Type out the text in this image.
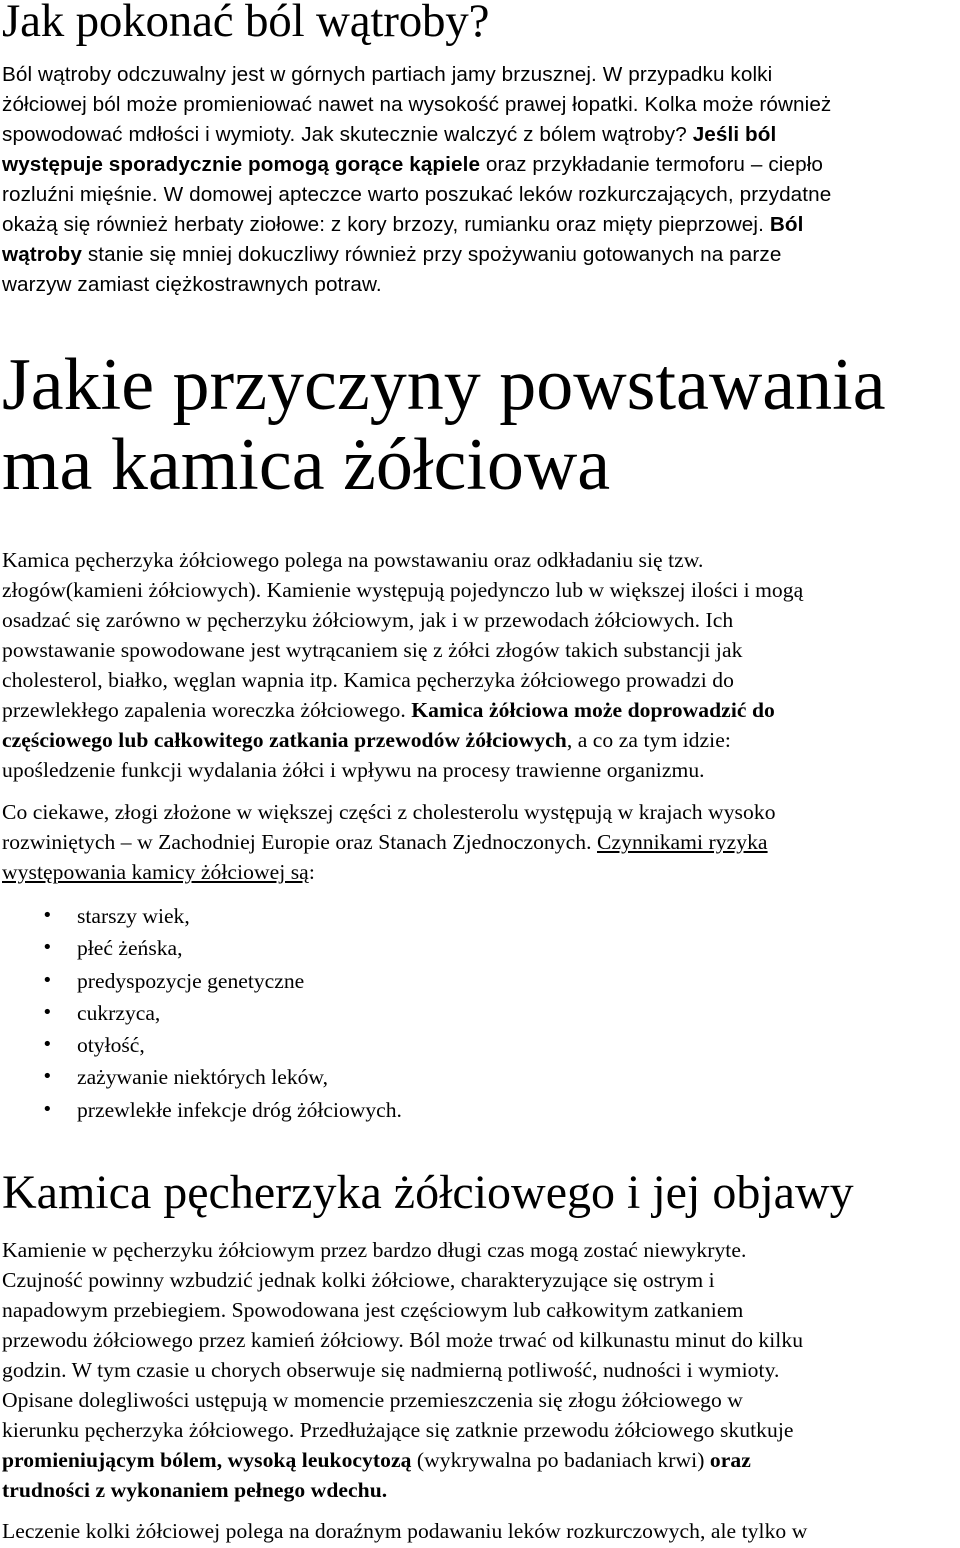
Jak pokonać ból wątroby?

Ból wątroby odczuwalny jest w górnych partiach jamy brzusznej. W przypadku kolki
żółciowej ból może promieniować nawet na wysokość prawej łopatki. Kolka może również
spowodować mdłości i wymioty. Jak skutecznie walczyć z bólem wątroby? Jeśli ból
występuje sporadycznie pomogą gorące kąpiele oraz przykładanie termoforu – ciepło
rozluźni mięśnie. W domowej apteczce warto poszukać leków rozkurczających, przydatne
okażą się również herbaty ziołowe: z kory brzozy, rumianku oraz mięty pieprzowej. Ból
wątroby stanie się mniej dokuczliwy również przy spożywaniu gotowanych na parze
warzyw zamiast ciężkostrawnych potraw.

Jakie przyczyny powstawania
ma kamica żółciowa

Kamica pęcherzyka żółciowego polega na powstawaniu oraz odkładaniu się tzw.
złogów(kamieni żółciowych). Kamienie występują pojedynczo lub w większej ilości i mogą
osadzać się zarówno w pęcherzyku żółciowym, jak i w przewodach żółciowych. Ich
powstawanie spowodowane jest wytrącaniem się z żółci złogów takich substancji jak
cholesterol, białko, węglan wapnia itp. Kamica pęcherzyka żółciowego prowadzi do
przewlekłego zapalenia woreczka żółciowego. Kamica żółciowa może doprowadzić do
częściowego lub całkowitego zatkania przewodów żółciowych, a co za tym idzie:
upośledzenie funkcji wydalania żółci i wpływu na procesy trawienne organizmu.

Co ciekawe, złogi złożone w większej części z cholesterolu występują w krajach wysoko
rozwiniętych – w Zachodniej Europie oraz Stanach Zjednoczonych. Czynnikami ryzyka
występowania kamicy żółciowej są:

• starszy wiek,
• płeć żeńska,
• predyspozycje genetyczne
• cukrzyca,
• otyłość,
• zażywanie niektórych leków,
• przewlekłe infekcje dróg żółciowych.
Kamica pęcherzyka żółciowego i jej objawy

Kamienie w pęcherzyku żółciowym przez bardzo długi czas mogą zostać niewykryte.
Czujność powinny wzbudzić jednak kolki żółciowe, charakteryzujące się ostrym i
napadowym przebiegiem. Spowodowana jest częściowym lub całkowitym zatkaniem
przewodu żółciowego przez kamień żółciowy. Ból może trwać od kilkunastu minut do kilku
godzin. W tym czasie u chorych obserwuje się nadmierną potliwość, nudności i wymioty.
Opisane dolegliwości ustępują w momencie przemieszczenia się złogu żółciowego w
kierunku pęcherzyka żółciowego. Przedłużające się zatknie przewodu żółciowego skutkuje
promieniującym bólem, wysoką leukocytozą (wykrywalna po badaniach krwi) oraz
trudności z wykonaniem pełnego wdechu.

Leczenie kolki żółciowej polega na doraźnym podawaniu leków rozkurczowych, ale tylko w
